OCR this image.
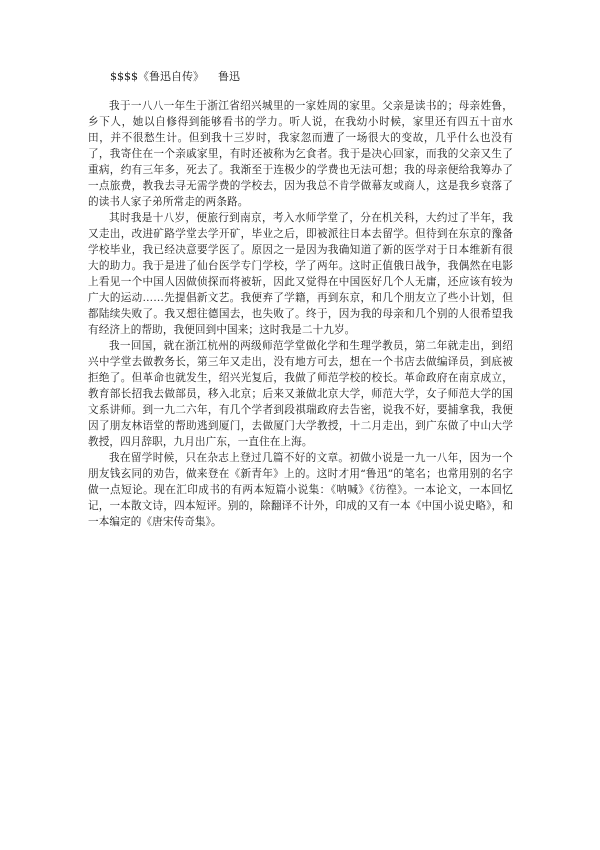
$$$$《鲁迅自传》 鲁迅

我于一八八一年生于浙江省绍兴城里的一家姓周的家里。父亲是读书的；母亲姓鲁，乡下人，她以自修得到能够看书的学力。听人说，在我幼小时候，家里还有四五十亩水田，并不很愁生计。但到我十三岁时，我家忽而遭了一场很大的变故，几乎什么也没有了，我寄住在一个亲戚家里，有时还被称为乞食者。我于是决心回家，而我的父亲又生了重病，约有三年多，死去了。我渐至于连极少的学费也无法可想；我的母亲便给我筹办了一点旅费，教我去寻无需学费的学校去，因为我总不肯学做幕友或商人，这是我乡衰落了的读书人家子弟所常走的两条路。

其时我是十八岁，便旅行到南京，考入水师学堂了，分在机关科，大约过了半年，我又走出，改进矿路学堂去学开矿，毕业之后，即被派往日本去留学。但待到在东京的豫备学校毕业，我已经决意要学医了。原因之一是因为我确知道了新的医学对于日本维新有很大的助力。我于是进了仙台医学专门学校，学了两年。这时正值俄日战争，我偶然在电影上看见一个中国人因做侦探而将被斩，因此又觉得在中国医好几个人无庸，还应该有较为广大的运动……先提倡新文艺。我便弃了学籍，再到东京，和几个朋友立了些小计划，但都陆续失败了。我又想往德国去，也失败了。终于，因为我的母亲和几个别的人很希望我有经济上的帮助，我便回到中国来；这时我是二十九岁。

我一回国，就在浙江杭州的两级师范学堂做化学和生理学教员，第二年就走出，到绍兴中学堂去做教务长，第三年又走出，没有地方可去，想在一个书店去做编译员，到底被拒绝了。但革命也就发生，绍兴光复后，我做了师范学校的校长。革命政府在南京成立，教育部长招我去做部员，移入北京；后来又兼做北京大学，师范大学，女子师范大学的国文系讲师。到一九二六年，有几个学者到段祺瑞政府去告密，说我不好，要捕拿我，我便因了朋友林语堂的帮助逃到厦门，去做厦门大学教授，十二月走出，到广东做了中山大学教授，四月辞职，九月出广东，一直住在上海。

我在留学时候，只在杂志上登过几篇不好的文章。初做小说是一九一八年，因为一个朋友钱玄同的劝告，做来登在《新青年》上的。这时才用“鲁迅”的笔名；也常用别的名字做一点短论。现在汇印成书的有两本短篇小说集：《呐喊》《彷徨》。一本论文，一本回忆记，一本散文诗，四本短评。别的，除翻译不计外，印成的又有一本《中国小说史略》，和一本编定的《唐宋传奇集》。
